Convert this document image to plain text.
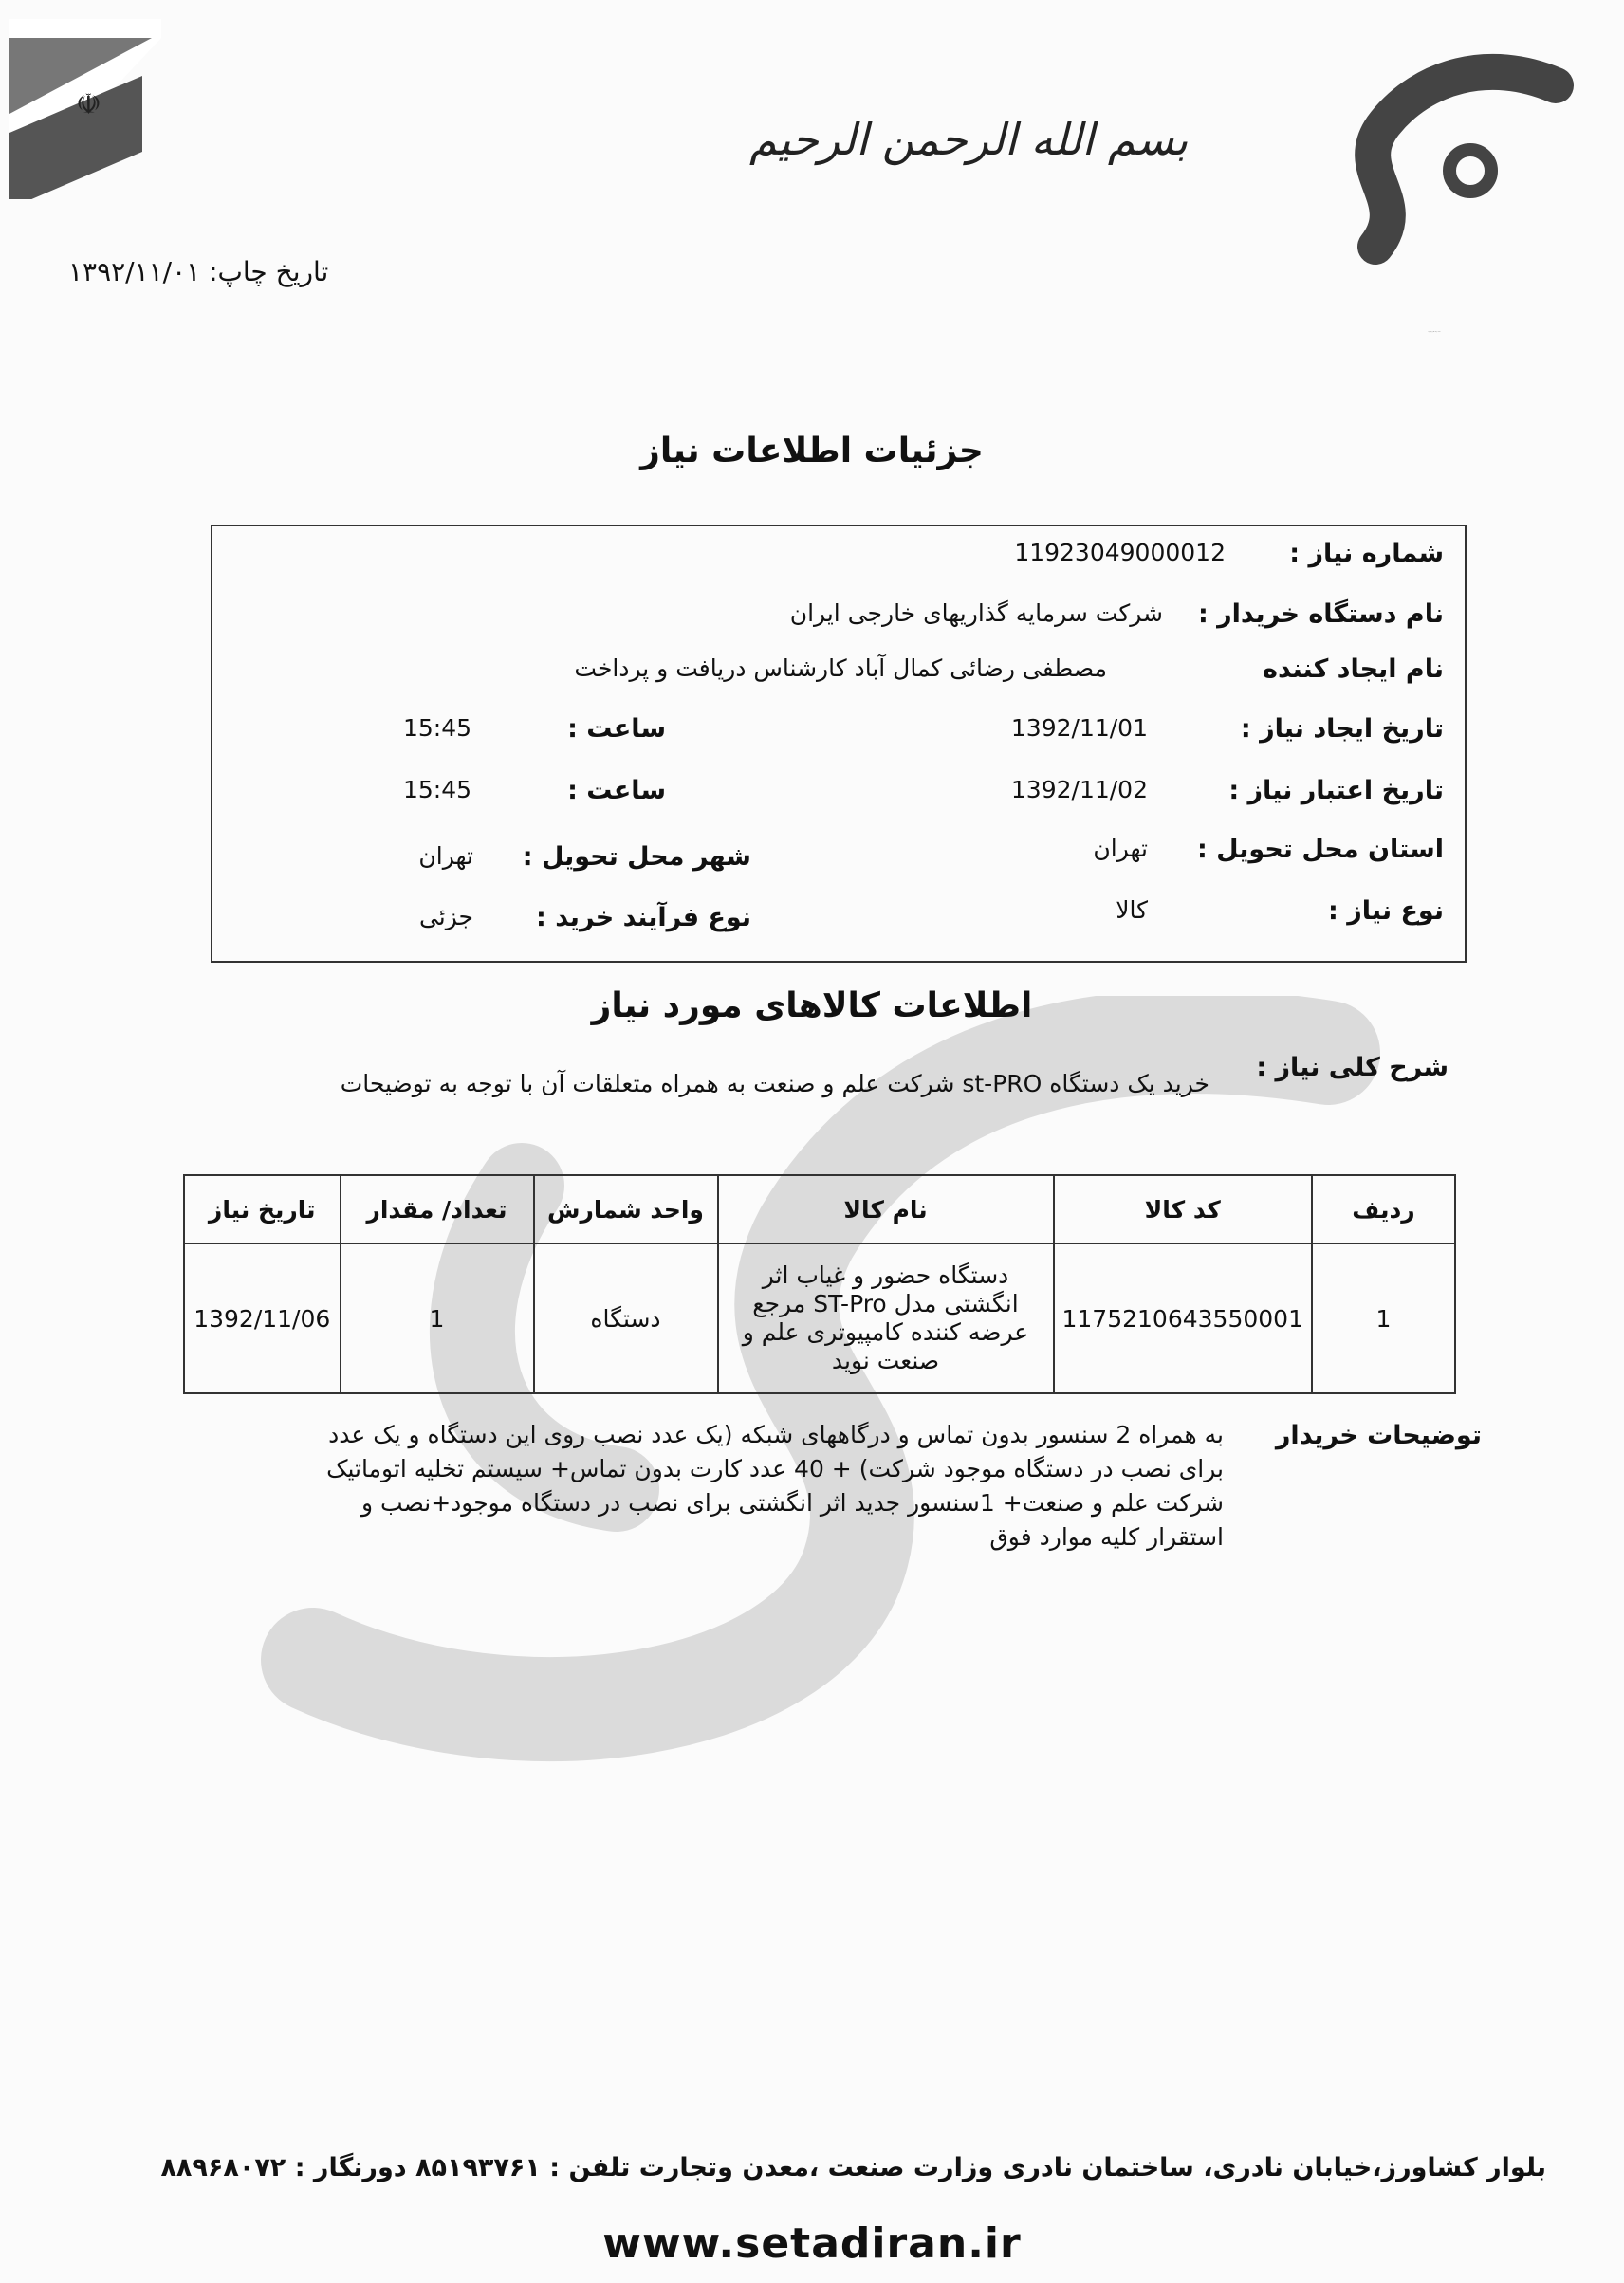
☫
بسم الله الرحمن الرحیم
تاریخ چاپ: ۱۳۹۲/۱۱/۰۱
سامانه تدارکات الکترونیکی دولت
جزئیات اطلاعات نیاز
شماره نیاز :
11923049000012
نام دستگاه خریدار :
شرکت سرمایه گذاریهای خارجی ایران
نام ایجاد کننده
مصطفی رضائی کمال آباد کارشناس دریافت و پرداخت
تاریخ ایجاد نیاز :
1392/11/01
ساعت :
15:45
تاریخ اعتبار نیاز :
1392/11/02
ساعت :
15:45
استان محل تحویل :
تهران
شهر محل تحویل :
تهران
نوع نیاز :
کالا
نوع فرآیند خرید :
جزئی
اطلاعات کالاهای مورد نیاز
شرح کلی نیاز :
خرید یک دستگاه st-PRO شرکت علم و صنعت به همراه متعلقات آن با توجه به توضیحات
ردیف	کد کالا	نام کالا	واحد شمارش	تعداد/ مقدار	تاریخ نیاز
1	1175210643550001	دستگاه حضور و غیاب اثر انگشتی مدل ST-Pro مرجع عرضه کننده کامپیوتری علم و صنعت نوید	دستگاه	1	1392/11/06
توضیحات خریدار
به همراه 2 سنسور بدون تماس و درگاههای شبکه (یک عدد نصب روی این دستگاه و یک عدد برای نصب در دستگاه موجود شرکت) + 40 عدد کارت بدون تماس+ سیستم تخلیه اتوماتیک شرکت علم و صنعت+ 1سنسور جدید اثر انگشتی برای نصب در دستگاه موجود+نصب و استقرار کلیه موارد فوق
بلوار کشاورز،خیابان نادری، ساختمان نادری وزارت صنعت ،معدن وتجارت تلفن : ۸۵۱۹۳۷۶۱ دورنگار : ۸۸۹۶۸۰۷۲
www.setadiran.ir
